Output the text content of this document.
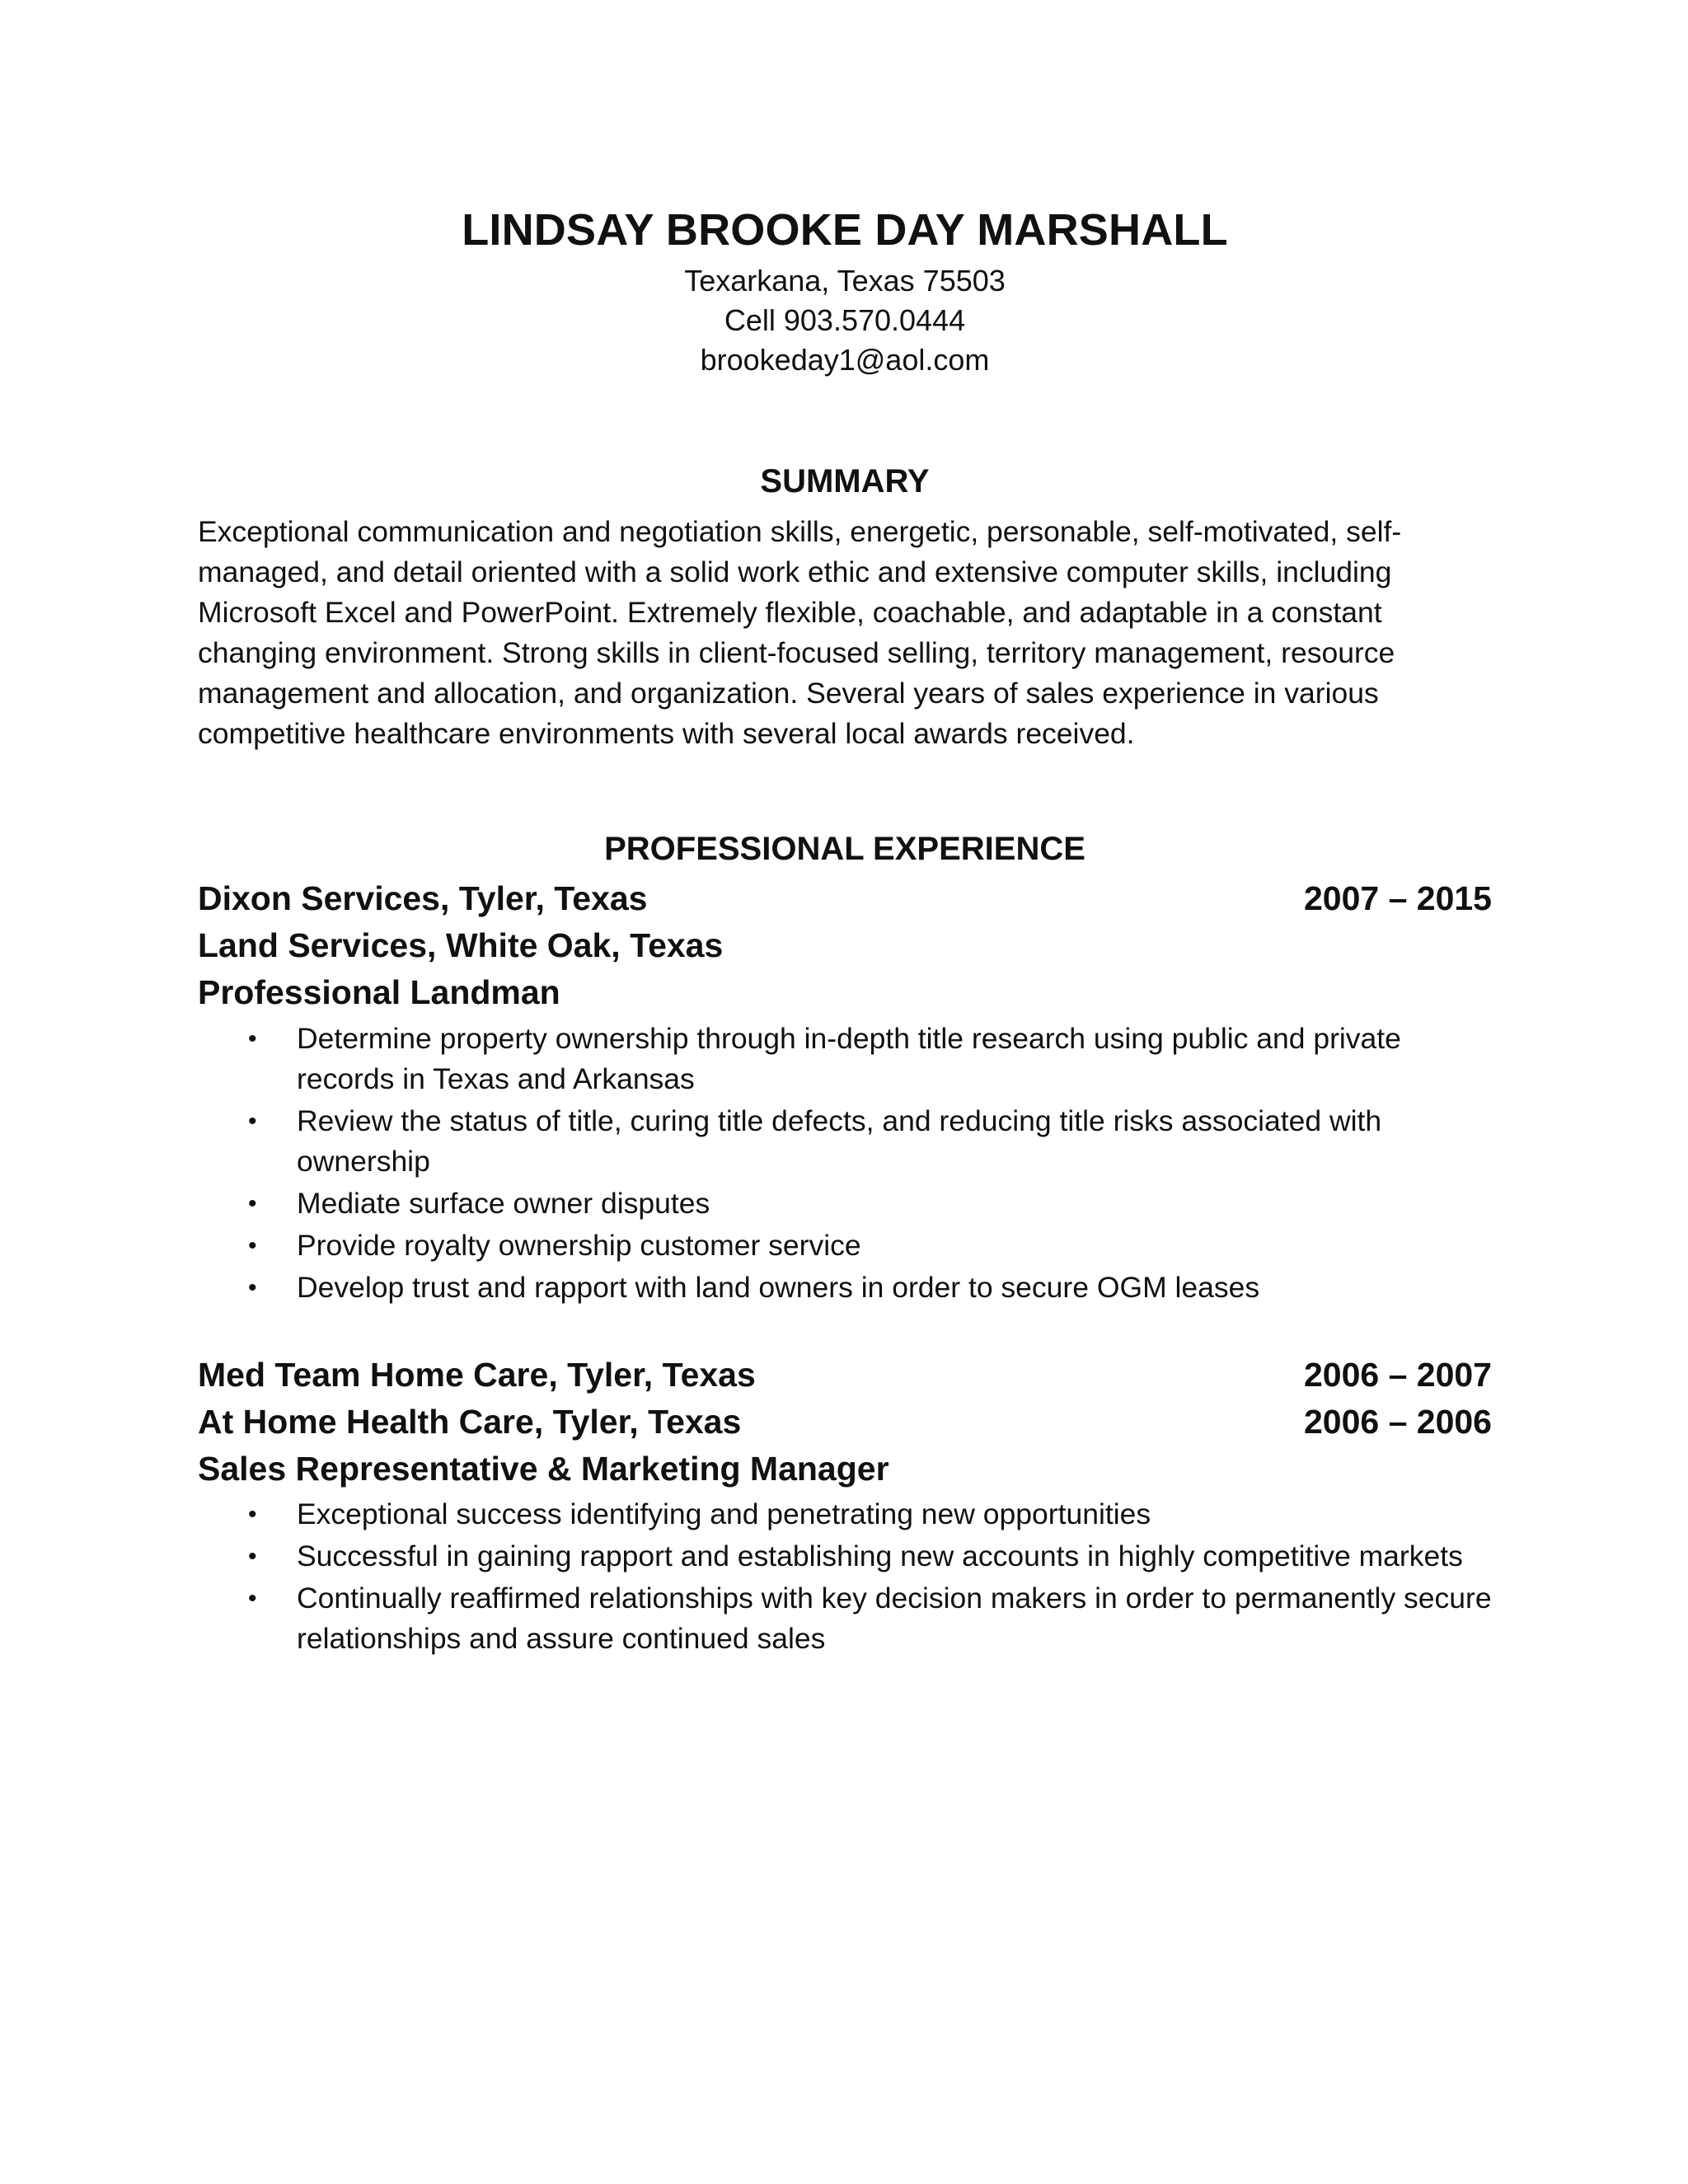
LINDSAY BROOKE DAY MARSHALL
Texarkana, Texas 75503
Cell 903.570.0444
brookeday1@aol.com
SUMMARY
Exceptional communication and negotiation skills, energetic, personable, self-motivated, self-managed, and detail oriented with a solid work ethic and extensive computer skills, including Microsoft Excel and PowerPoint. Extremely flexible, coachable, and adaptable in a constant changing environment. Strong skills in client-focused selling, territory management, resource management and allocation, and organization. Several years of sales experience in various competitive healthcare environments with several local awards received.
PROFESSIONAL EXPERIENCE
Dixon Services, Tyler, Texas	2007 – 2015
Land Services, White Oak, Texas
Professional Landman
• Determine property ownership through in-depth title research using public and private records in Texas and Arkansas
• Review the status of title, curing title defects, and reducing title risks associated with ownership
• Mediate surface owner disputes
• Provide royalty ownership customer service
• Develop trust and rapport with land owners in order to secure OGM leases
Med Team Home Care, Tyler, Texas	2006 – 2007
At Home Health Care, Tyler, Texas	2006 – 2006
Sales Representative & Marketing Manager
• Exceptional success identifying and penetrating new opportunities
• Successful in gaining rapport and establishing new accounts in highly competitive markets
• Continually reaffirmed relationships with key decision makers in order to permanently secure relationships and assure continued sales
